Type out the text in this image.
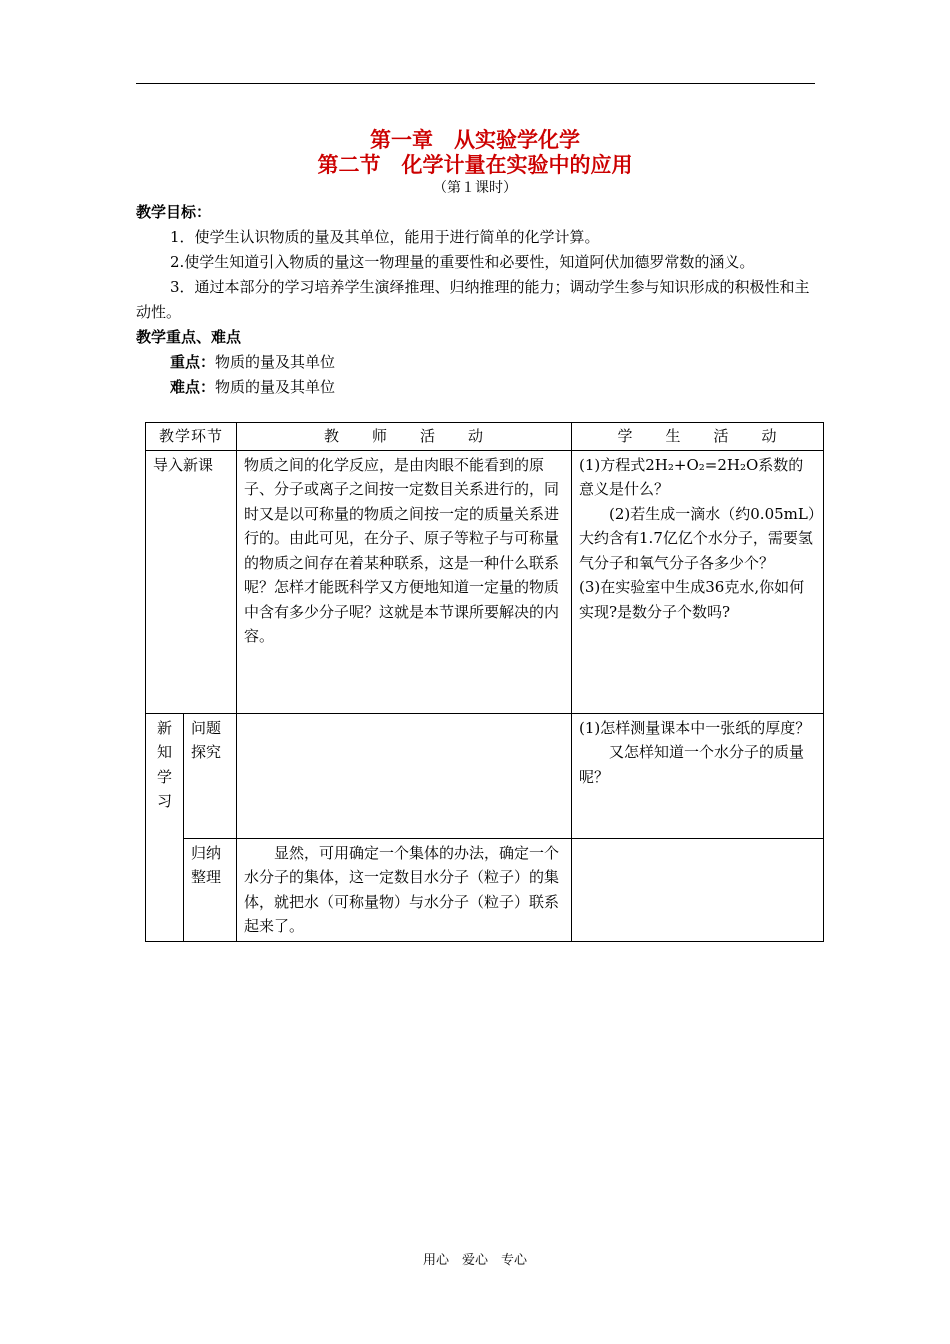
第一章　从实验学化学
第二节　化学计量在实验中的应用
（第１课时）
教学目标：
1．使学生认识物质的量及其单位，能用于进行简单的化学计算。
2.使学生知道引入物质的量这一物理量的重要性和必要性，知道阿伏加德罗常数的涵义。
3．通过本部分的学习培养学生演绎推理、归纳推理的能力；调动学生参与知识形成的积极性和主动性。
教学重点、难点
重点：物质的量及其单位
难点：物质的量及其单位
教学环节		教　　师　　活　　动	学　　生　　活　　动
导入新课		物质之间的化学反应，是由肉眼不能看到的原子、分子或离子之间按一定数目关系进行的，同时又是以可称量的物质之间按一定的质量关系进行的。由此可见，在分子、原子等粒子与可称量的物质之间存在着某种联系，这是一种什么联系呢？怎样才能既科学又方便地知道一定量的物质中含有多少分子呢？这就是本节课所要解决的内容。	(1)方程式2H₂+O₂=2H₂O系数的意义是什么？
(2)若生成一滴水（约0.05mL）大约含有1.7亿亿个水分子，需要氢气分子和氧气分子各多少个？
(3)在实验室中生成36克水,你如何实现?是数分子个数吗?

新知学习	问题探究		(1)怎样测量课本中一张纸的厚度？
又怎样知道一个水分子的质量呢？

	归纳整理	显然，可用确定一个集体的办法，确定一个水分子的集体，这一定数目水分子（粒子）的集体，就把水（可称量物）与水分子（粒子）联系起来了。	
用心　爱心　专心
